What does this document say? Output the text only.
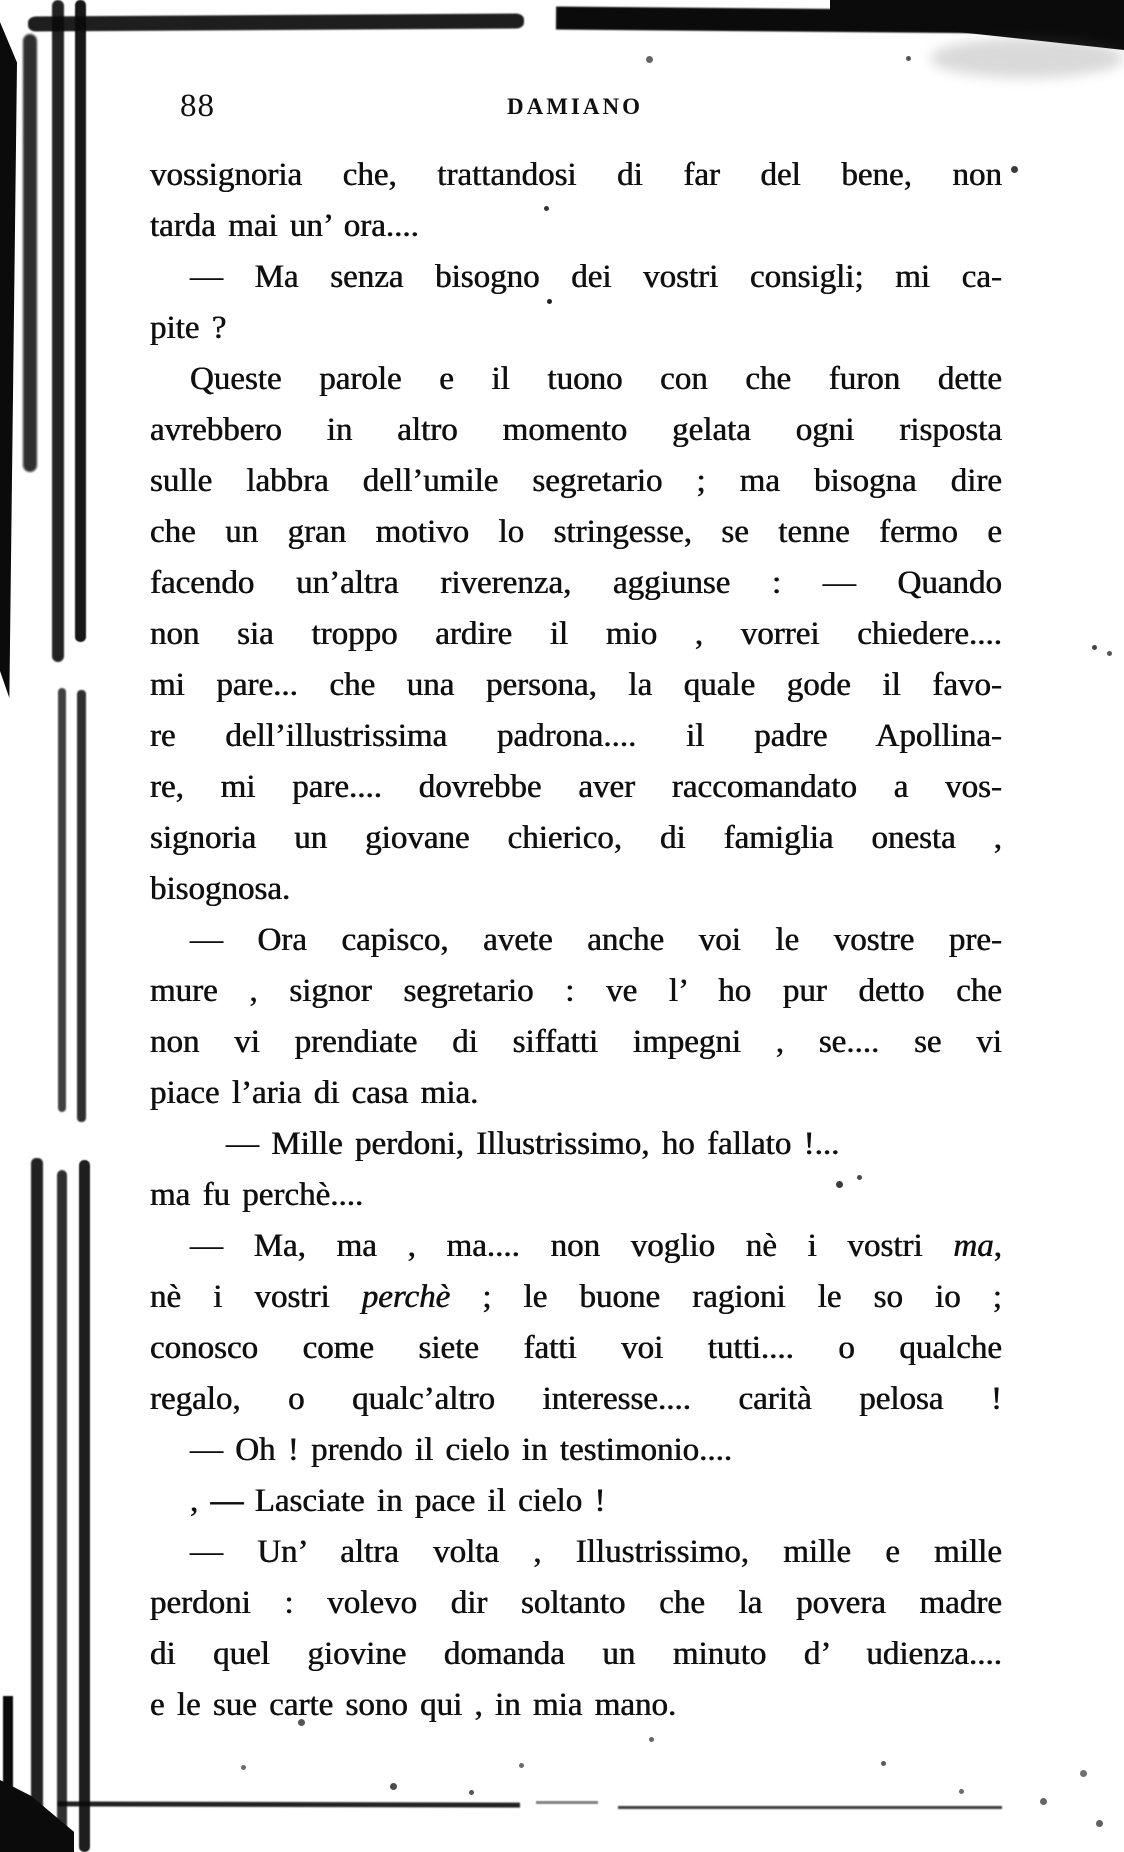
88	DAMIANO
vossignoria che, trattandosi di far del bene, non
tarda mai un’ ora....
— Ma senza bisogno dei vostri consigli; mi ca-
pite ?
Queste parole e il tuono con che furon dette
avrebbero in altro momento gelata ogni risposta
sulle labbra dell’umile segretario ; ma bisogna dire
che un gran motivo lo stringesse, se tenne fermo e
facendo un’altra riverenza, aggiunse : — Quando
non sia troppo ardire il mio , vorrei chiedere....
mi pare... che una persona, la quale gode il favo-
re dell’illustrissima padrona.... il padre Apollina-
re, mi pare.... dovrebbe aver raccomandato a vos-
signoria un giovane chierico, di famiglia onesta ,
bisognosa.
— Ora capisco, avete anche voi le vostre pre-
mure , signor segretario : ve l’ ho pur detto che
non vi prendiate di siffatti impegni , se.... se vi
piace l’aria di casa mia.
— Mille perdoni, Illustrissimo, ho fallato !...
ma fu perchè....
— Ma, ma , ma.... non voglio nè i vostri ma,
nè i vostri perchè ; le buone ragioni le so io ;
conosco come siete fatti voi tutti.... o qualche
regalo, o qualc’altro interesse.... carità pelosa !
— Oh ! prendo il cielo in testimonio....
, — Lasciate in pace il cielo !
— Un’ altra volta , Illustrissimo, mille e mille
perdoni : volevo dir soltanto che la povera madre
di quel giovine domanda un minuto d’ udienza....
e le sue carte sono qui , in mia mano.
